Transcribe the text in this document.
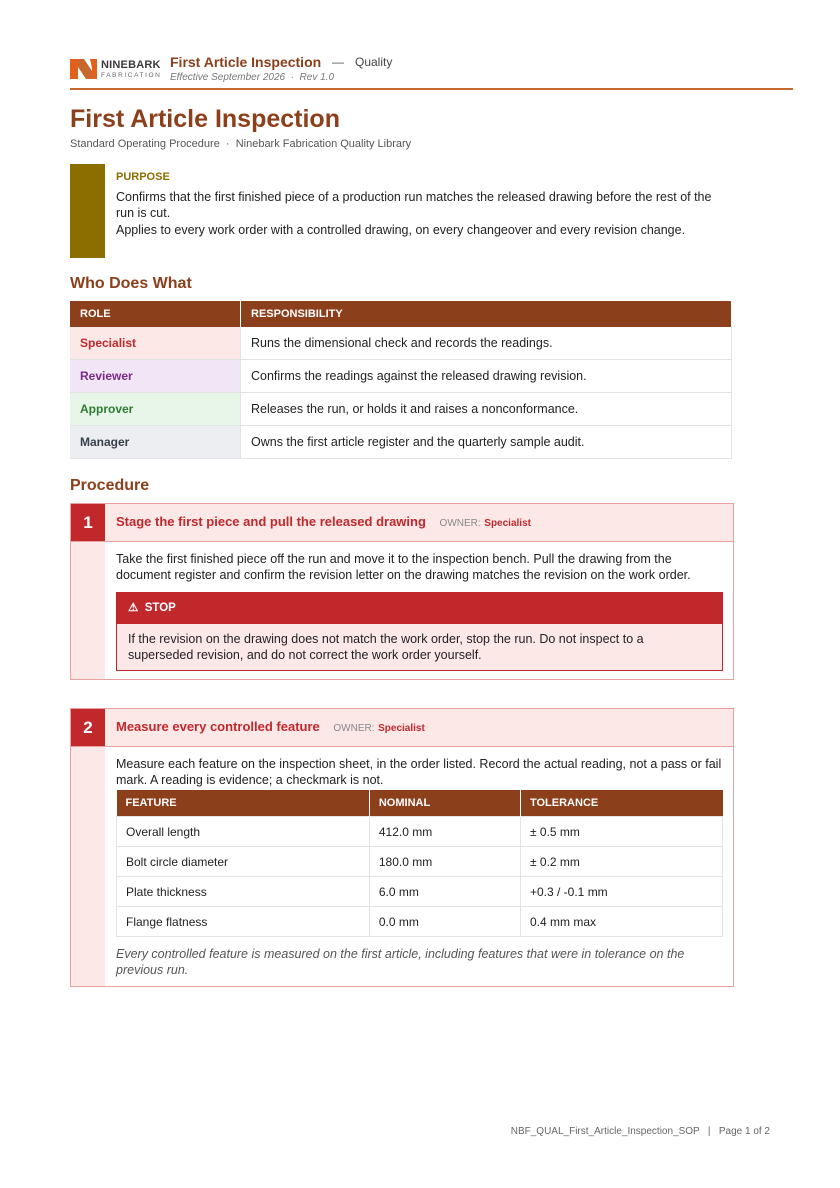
NINEBARK
FABRICATION
First Article Inspection — Quality
Effective September 2026 · Rev 1.0
First Article Inspection
Standard Operating Procedure  ·  Ninebark Fabrication Quality Library
PURPOSE

Confirms that the first finished piece of a production run matches the released drawing before the rest of the run is cut.

Applies to every work order with a controlled drawing, on every changeover and every revision change.

Who Does What
ROLE	RESPONSIBILITY
Specialist	Runs the dimensional check and records the readings.
Reviewer	Confirms the readings against the released drawing revision.
Approver	Releases the run, or holds it and raises a nonconformance.
Manager	Owns the first article register and the quarterly sample audit.
Procedure
1	Stage the first piece and pull the released drawing OWNER: Specialist

Take the first finished piece off the run and move it to the inspection bench. Pull the drawing from the document register and confirm the revision letter on the drawing matches the revision on the work order.

⚠ STOP
If the revision on the drawing does not match the work order, stop the run. Do not inspect to a superseded revision, and do not correct the work order yourself.
2	Measure every controlled feature OWNER: Specialist

Measure each feature on the inspection sheet, in the order listed. Record the actual reading, not a pass or fail mark. A reading is evidence; a checkmark is not.

FEATURE	NOMINAL	TOLERANCE
Overall length	412.0 mm	± 0.5 mm
Bolt circle diameter	180.0 mm	± 0.2 mm
Plate thickness	6.0 mm	+0.3 / -0.1 mm
Flange flatness	0.0 mm	0.4 mm max
Every controlled feature is measured on the first article, including features that were in tolerance on the previous run.
NBF_QUAL_First_Article_Inspection_SOP | Page 1 of 2
